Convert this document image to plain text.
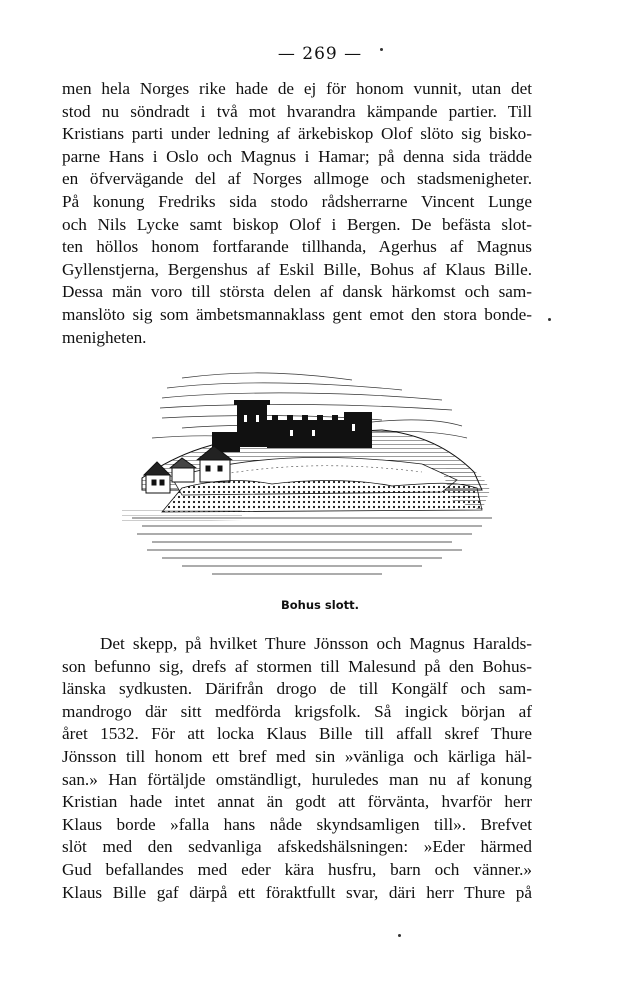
— 269 —
men hela Norges rike hade de ej för honom vunnit, utan det
stod nu söndradt i två mot hvarandra kämpande partier. Till
Kristians parti under ledning af ärkebiskop Olof slöto sig bisko-
parne Hans i Oslo och Magnus i Hamar; på denna sida trädde
en öfvervägande del af Norges allmoge och stadsmenigheter.
På konung Fredriks sida stodo rådsherrarne Vincent Lunge
och Nils Lycke samt biskop Olof i Bergen. De befästa slot-
ten höllos honom fortfarande tillhanda, Agerhus af Magnus
Gyllenstjerna, Bergenshus af Eskil Bille, Bohus af Klaus Bille.
Dessa män voro till största delen af dansk härkomst och sam-
manslöto sig som ämbetsmannaklass gent emot den stora bonde-
menigheten.
Bohus slott.
Det skepp, på hvilket Thure Jönsson och Magnus Haralds-
son befunno sig, drefs af stormen till Malesund på den Bohus-
länska sydkusten. Därifrån drogo de till Kongälf och sam-
mandrogo där sitt medförda krigsfolk. Så ingick början af
året 1532. För att locka Klaus Bille till affall skref Thure
Jönsson till honom ett bref med sin »vänliga och kärliga häl-
san.» Han förtäljde omständligt, huruledes man nu af konung
Kristian hade intet annat än godt att förvänta, hvarför herr
Klaus borde »falla hans nåde skyndsamligen till». Brefvet
slöt med den sedvanliga afskedshälsningen: »Eder härmed
Gud befallandes med eder kära husfru, barn och vänner.»
Klaus Bille gaf därpå ett föraktfullt svar, däri herr Thure på
